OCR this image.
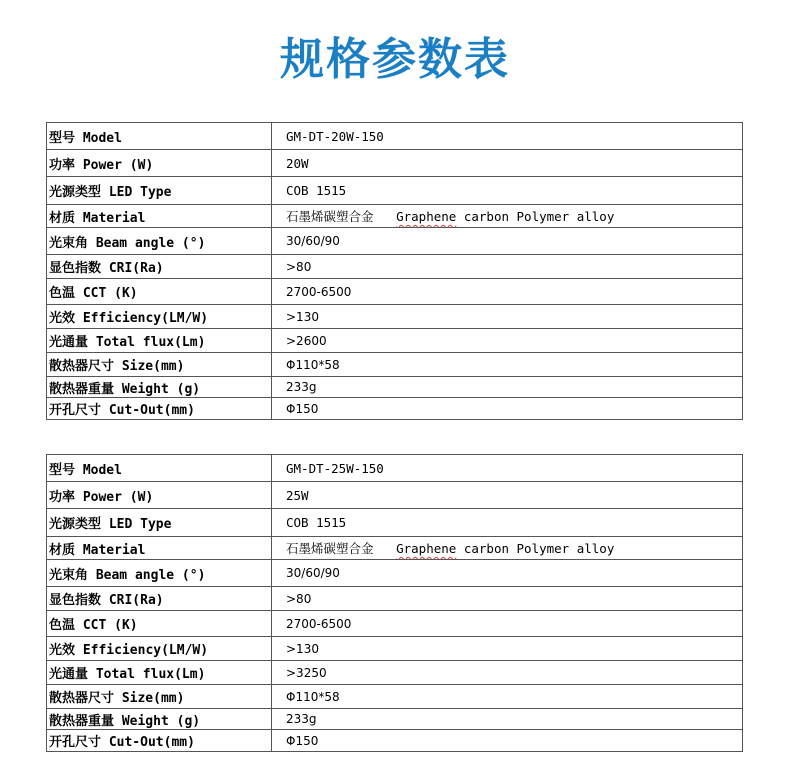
规格参数表
型号 Model	GM-DT-20W-150
功率 Power (W)	20W
光源类型 LED Type	COB 1515
材质 Material	石墨烯碳塑合金 Graphene carbon Polymer alloy
光束角 Beam angle (°)	30/60/90
显色指数 CRI(Ra)	>80
色温 CCT (K)	2700-6500
光效 Efficiency(LM/W)	>130
光通量 Total flux(Lm)	>2600
散热器尺寸 Size(mm)	Φ110*58
散热器重量 Weight (g)	233g
开孔尺寸 Cut-Out(mm)	Φ150
型号 Model	GM-DT-25W-150
功率 Power (W)	25W
光源类型 LED Type	COB 1515
材质 Material	石墨烯碳塑合金 Graphene carbon Polymer alloy
光束角 Beam angle (°)	30/60/90
显色指数 CRI(Ra)	>80
色温 CCT (K)	2700-6500
光效 Efficiency(LM/W)	>130
光通量 Total flux(Lm)	>3250
散热器尺寸 Size(mm)	Φ110*58
散热器重量 Weight (g)	233g
开孔尺寸 Cut-Out(mm)	Φ150
